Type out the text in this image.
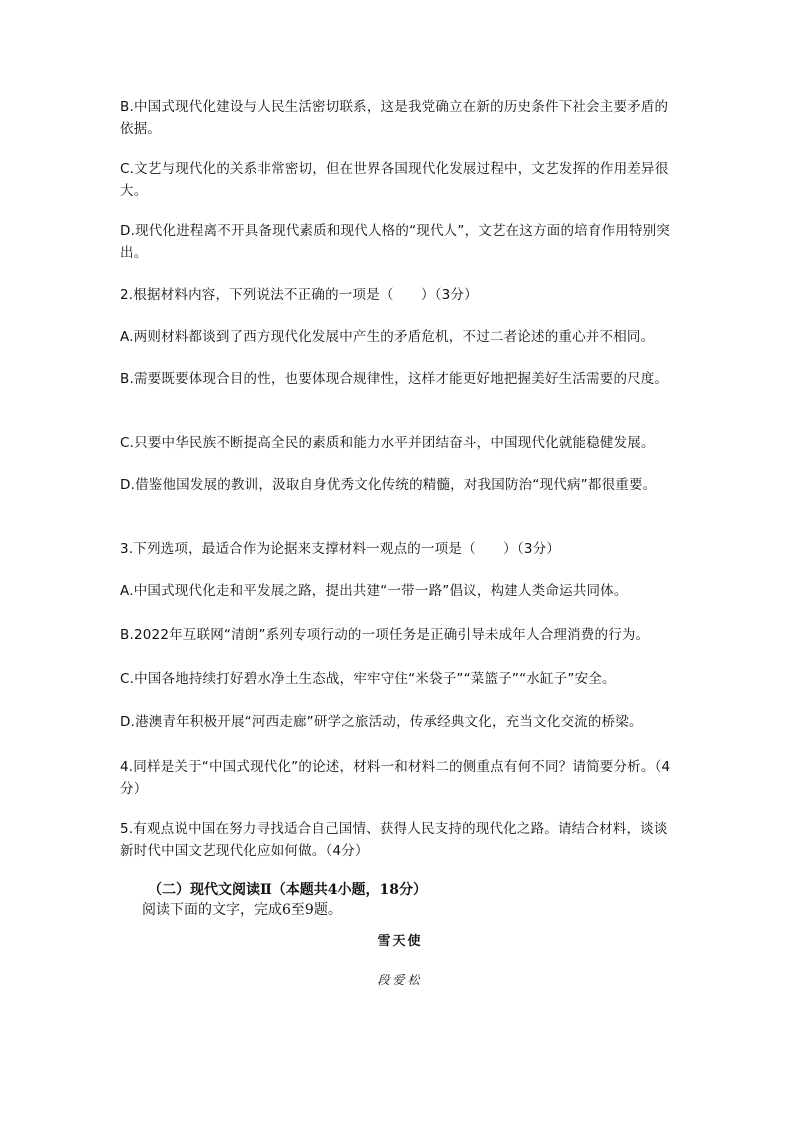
B.中国式现代化建设与人民生活密切联系，这是我党确立在新的历史条件下社会主要矛盾的依据。

C.文艺与现代化的关系非常密切，但在世界各国现代化发展过程中，文艺发挥的作用差异很大。

D.现代化进程离不开具备现代素质和现代人格的“现代人”，文艺在这方面的培育作用特别突出。

2.根据材料内容，下列说法不正确的一项是（　　）（3分）

A.两则材料都谈到了西方现代化发展中产生的矛盾危机，不过二者论述的重心并不相同。

B.需要既要体现合目的性，也要体现合规律性，这样才能更好地把握美好生活需要的尺度。

C.只要中华民族不断提高全民的素质和能力水平并团结奋斗，中国现代化就能稳健发展。

D.借鉴他国发展的教训，汲取自身优秀文化传统的精髓，对我国防治“现代病”都很重要。

3.下列选项，最适合作为论据来支撑材料一观点的一项是（　　）（3分）

A.中国式现代化走和平发展之路，提出共建“一带一路”倡议，构建人类命运共同体。

B.2022年互联网“清朗”系列专项行动的一项任务是正确引导未成年人合理消费的行为。

C.中国各地持续打好碧水净土生态战，牢牢守住“米袋子”“菜篮子”“水缸子”安全。

D.港澳青年积极开展“河西走廊”研学之旅活动，传承经典文化，充当文化交流的桥梁。

4.同样是关于“中国式现代化”的论述，材料一和材料二的侧重点有何不同？请简要分析。（4分）

5.有观点说中国在努力寻找适合自己国情、获得人民支持的现代化之路。请结合材料，谈谈新时代中国文艺现代化应如何做。（4分）

（二）现代文阅读Ⅱ（本题共4小题，18分）
阅读下面的文字，完成6至9题。

雪天使

段爱松
